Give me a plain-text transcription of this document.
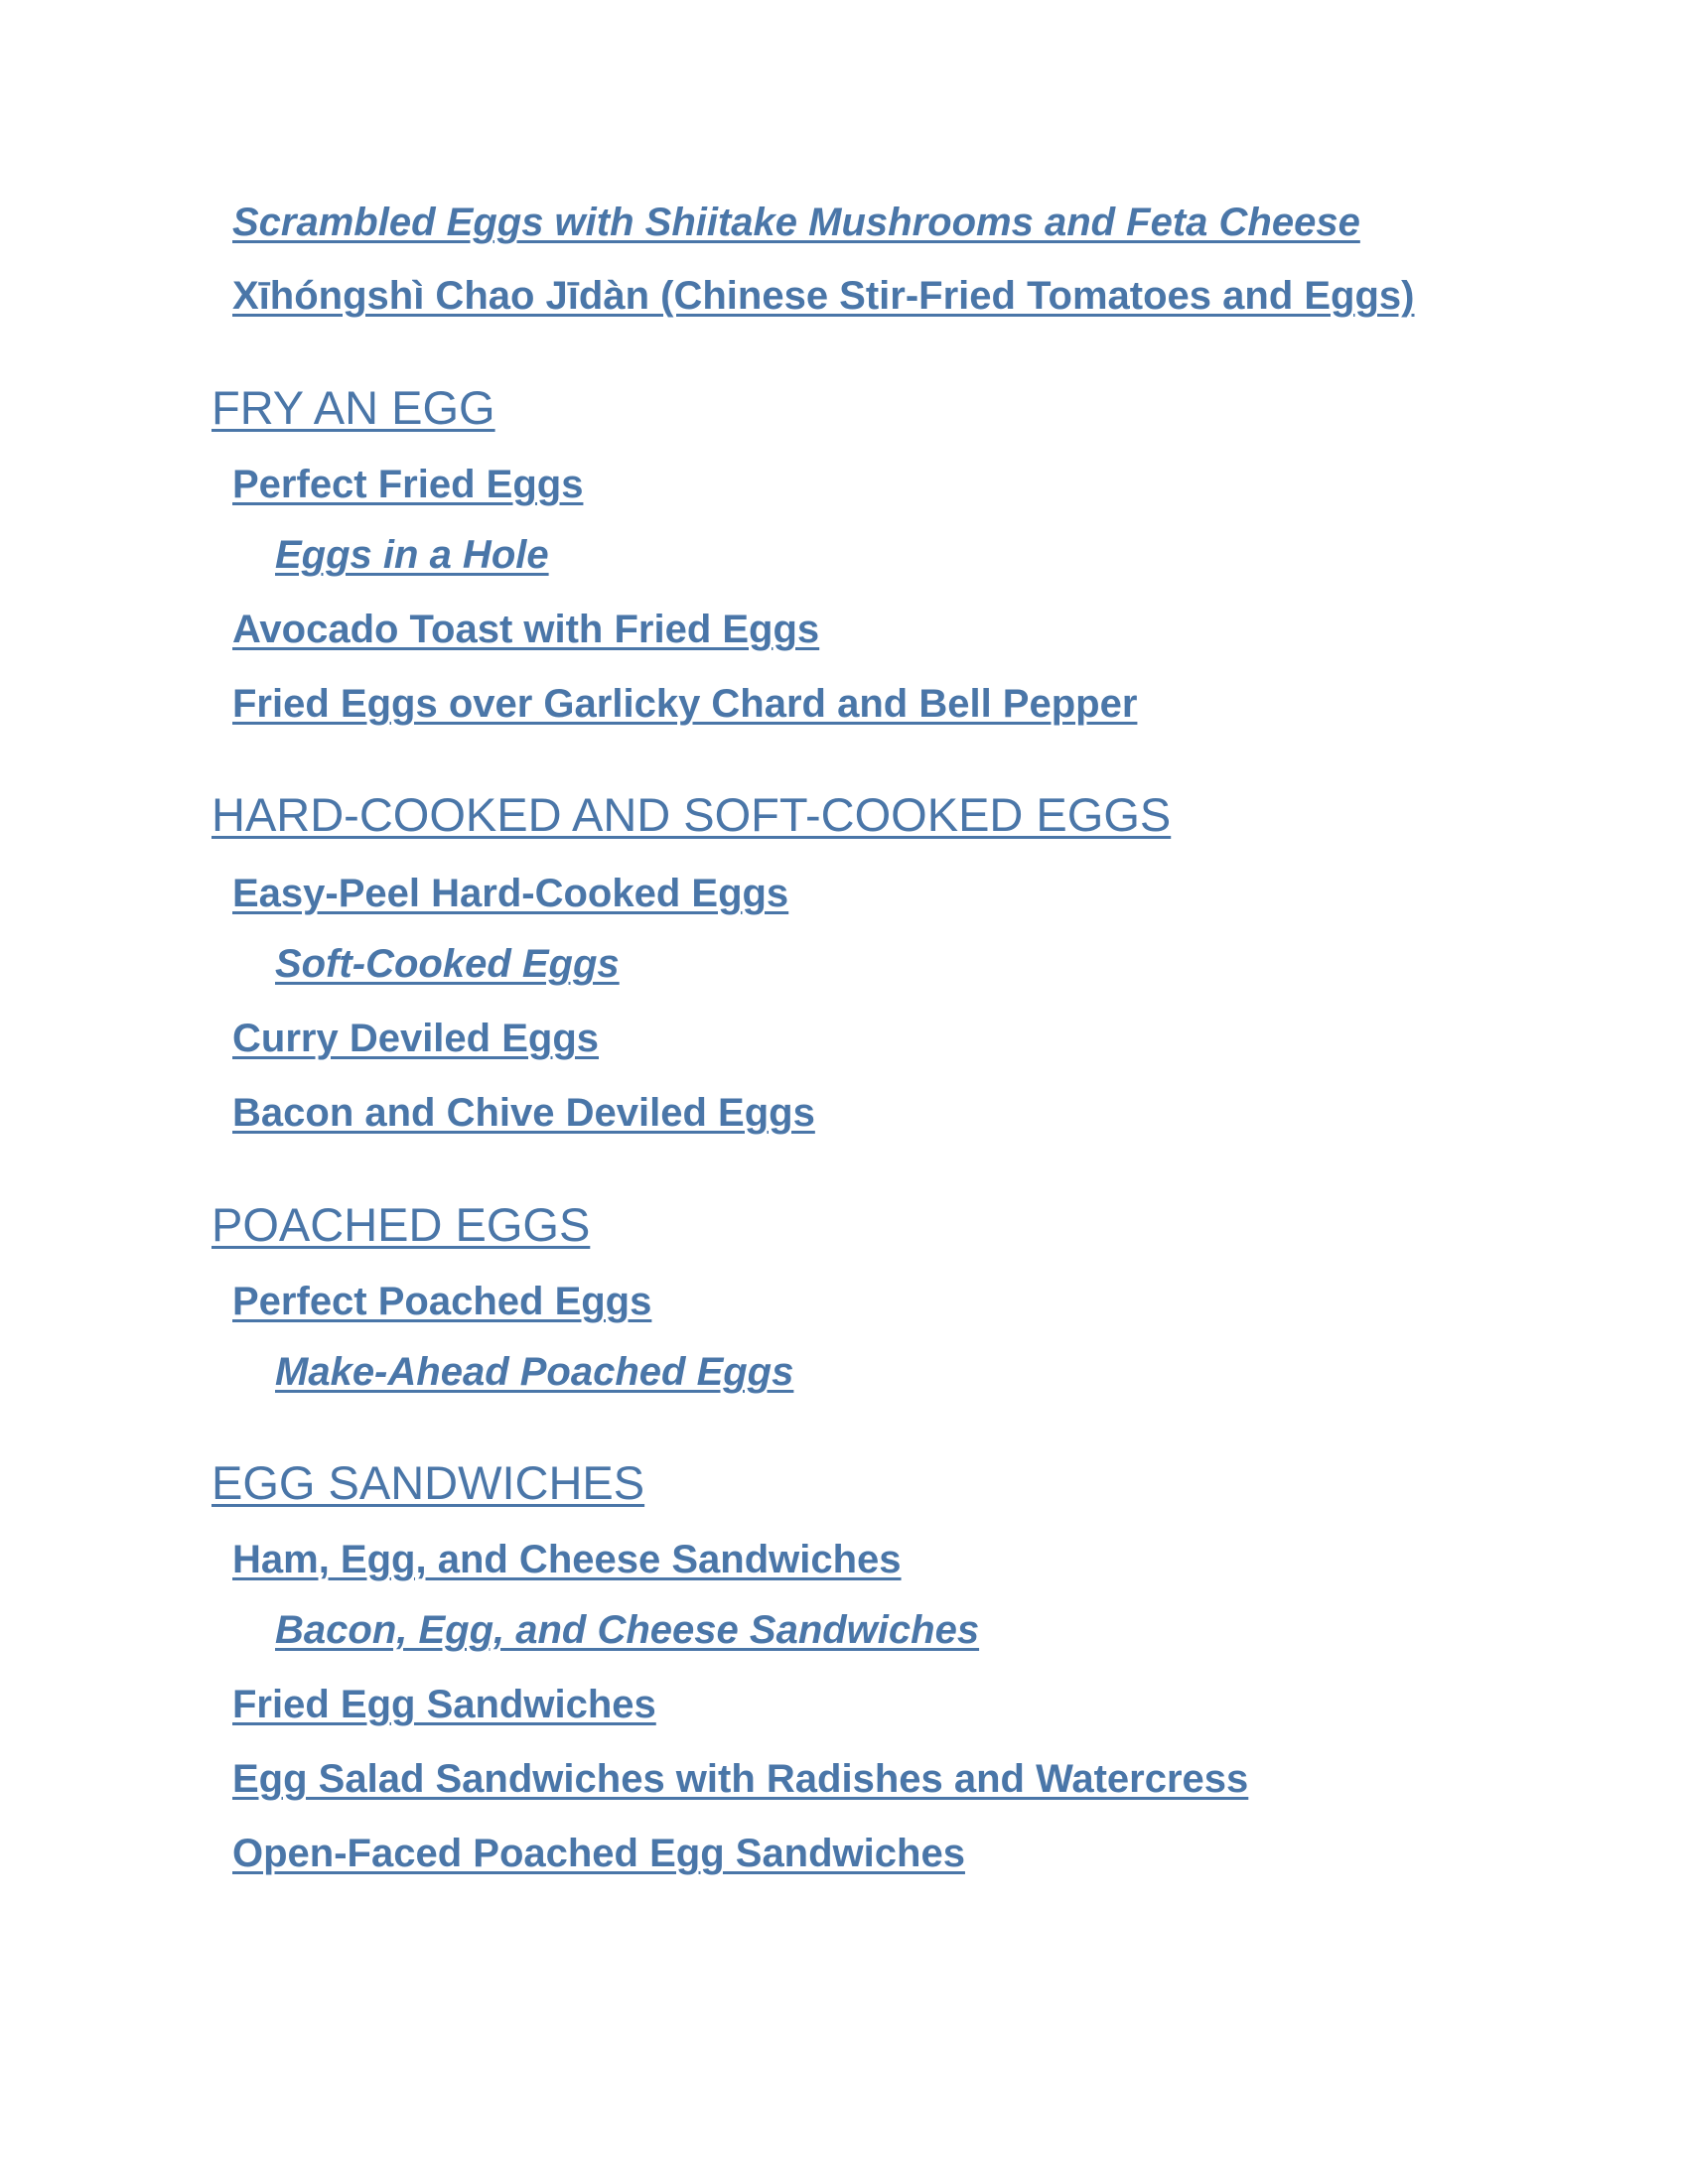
Scrambled Eggs with Shiitake Mushrooms and Feta Cheese
Xīhóngshì Chao Jīdàn (Chinese Stir-Fried Tomatoes and Eggs)
FRY AN EGG
Perfect Fried Eggs
Eggs in a Hole
Avocado Toast with Fried Eggs
Fried Eggs over Garlicky Chard and Bell Pepper
HARD-COOKED AND SOFT-COOKED EGGS
Easy-Peel Hard-Cooked Eggs
Soft-Cooked Eggs
Curry Deviled Eggs
Bacon and Chive Deviled Eggs
POACHED EGGS
Perfect Poached Eggs
Make-Ahead Poached Eggs
EGG SANDWICHES
Ham, Egg, and Cheese Sandwiches
Bacon, Egg, and Cheese Sandwiches
Fried Egg Sandwiches
Egg Salad Sandwiches with Radishes and Watercress
Open-Faced Poached Egg Sandwiches
